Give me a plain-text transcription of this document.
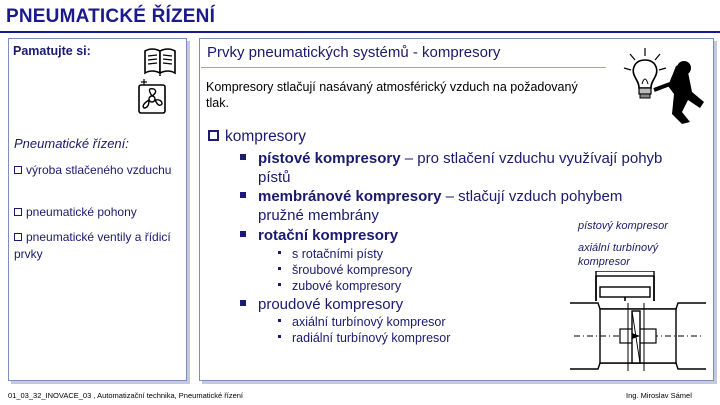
PNEUMATICKÉ ŘÍZENÍ
Pamatujte si:
Pneumatické řízení:
výroba stlačeného vzduchu
pneumatické pohony
pneumatické ventily a řídicí prvky
Prvky pneumatických systémů - kompresory
Kompresory stlačují nasávaný atmosférický vzduch na požadovaný tlak.
kompresory
pístové kompresory – pro stlačení vzduchu využívají pohyb
pístů
membránové kompresory – stlačují vzduch pohybem
pružné membrány
rotační kompresory
s rotačními písty
šroubové kompresory
zubové kompresory
proudové kompresory
axiální turbínový kompresor
radiální turbínový kompresor
pístový kompresor
axiální turbínový kompresor
01_03_32_INOVACE_03 , Automatizační technika, Pneumatické řízení	Ing. Miroslav Sámel
